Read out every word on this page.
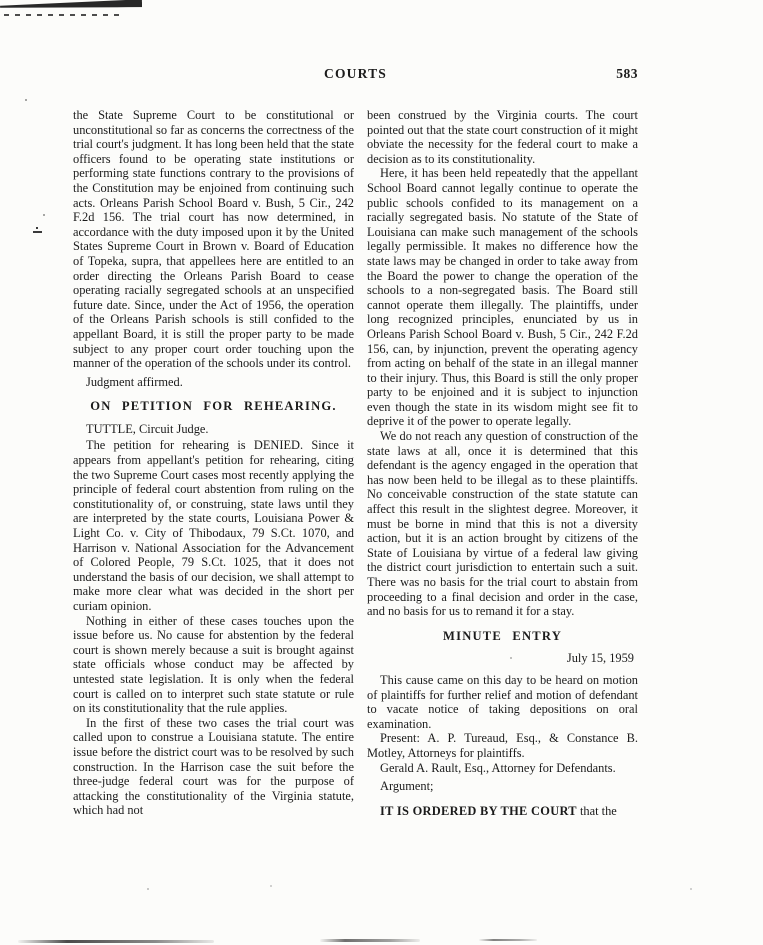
COURTS	583

the State Supreme Court to be constitutional or unconstitutional so far as concerns the correctness of the trial court's judgment. It has long been held that the state officers found to be operating state institutions or performing state functions contrary to the provisions of the Constitution may be enjoined from continuing such acts. Orleans Parish School Board v. Bush, 5 Cir., 242 F.2d 156. The trial court has now determined, in accordance with the duty imposed upon it by the United States Supreme Court in Brown v. Board of Education of Topeka, supra, that appellees here are entitled to an order directing the Orleans Parish Board to cease operating racially segregated schools at an unspecified future date. Since, under the Act of 1956, the operation of the Orleans Parish schools is still confided to the appellant Board, it is still the proper party to be made subject to any proper court order touching upon the manner of the operation of the schools under its control.

Judgment affirmed.

ON PETITION FOR REHEARING.

TUTTLE, Circuit Judge.

The petition for rehearing is DENIED. Since it appears from appellant's petition for rehearing, citing the two Supreme Court cases most recently applying the principle of federal court abstention from ruling on the constitutionality of, or construing, state laws until they are interpreted by the state courts, Louisiana Power & Light Co. v. City of Thibodaux, 79 S.Ct. 1070, and Harrison v. National Association for the Advancement of Colored People, 79 S.Ct. 1025, that it does not understand the basis of our decision, we shall attempt to make more clear what was decided in the short per curiam opinion.

Nothing in either of these cases touches upon the issue before us. No cause for abstention by the federal court is shown merely because a suit is brought against state officials whose conduct may be affected by untested state legislation. It is only when the federal court is called on to interpret such state statute or rule on its constitutionality that the rule applies.

In the first of these two cases the trial court was called upon to construe a Louisiana statute. The entire issue before the district court was to be resolved by such construction. In the Harrison case the suit before the three-judge federal court was for the purpose of attacking the constitutionality of the Virginia statute, which had not

been construed by the Virginia courts. The court pointed out that the state court construction of it might obviate the necessity for the federal court to make a decision as to its constitutionality.

Here, it has been held repeatedly that the appellant School Board cannot legally continue to operate the public schools confided to its management on a racially segregated basis. No statute of the State of Louisiana can make such management of the schools legally permissible. It makes no difference how the state laws may be changed in order to take away from the Board the power to change the operation of the schools to a non-segregated basis. The Board still cannot operate them illegally. The plaintiffs, under long recognized principles, enunciated by us in Orleans Parish School Board v. Bush, 5 Cir., 242 F.2d 156, can, by injunction, prevent the operating agency from acting on behalf of the state in an illegal manner to their injury. Thus, this Board is still the only proper party to be enjoined and it is subject to injunction even though the state in its wisdom might see fit to deprive it of the power to operate legally.

We do not reach any question of construction of the state laws at all, once it is determined that this defendant is the agency engaged in the operation that has now been held to be illegal as to these plaintiffs. No conceivable construction of the state statute can affect this result in the slightest degree. Moreover, it must be borne in mind that this is not a diversity action, but it is an action brought by citizens of the State of Louisiana by virtue of a federal law giving the district court jurisdiction to entertain such a suit. There was no basis for the trial court to abstain from proceeding to a final decision and order in the case, and no basis for us to remand it for a stay.

MINUTE ENTRY

July 15, 1959

This cause came on this day to be heard on motion of plaintiffs for further relief and motion of defendant to vacate notice of taking depositions on oral examination.

Present: A. P. Tureaud, Esq., & Constance B. Motley, Attorneys for plaintiffs.

Gerald A. Rault, Esq., Attorney for Defendants.

Argument;

IT IS ORDERED BY THE COURT that the
